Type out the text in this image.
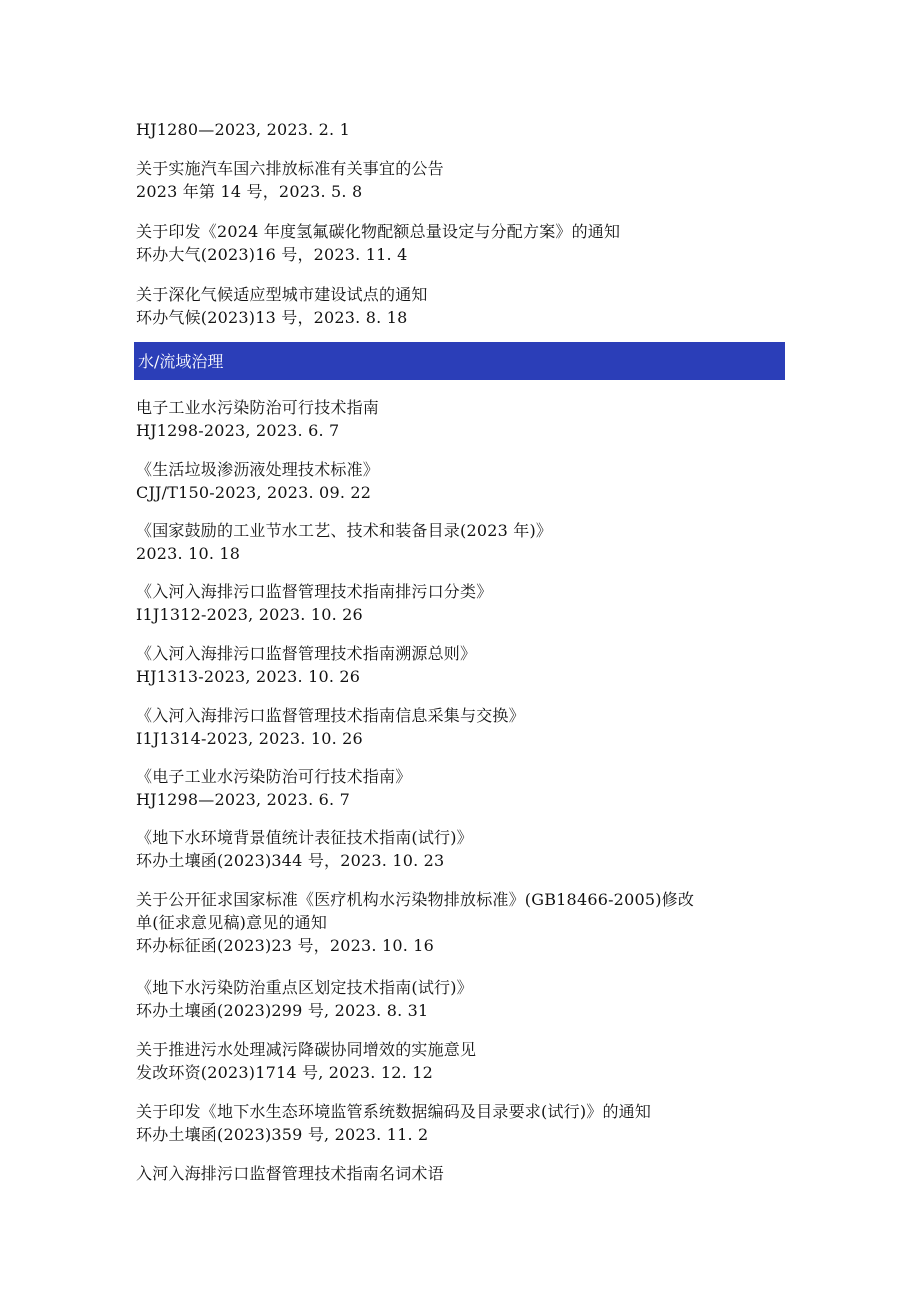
HJ1280—2023, 2023. 2. 1
关于实施汽车国六排放标准有关事宜的公告
2023 年第 14 号，2023. 5. 8
关于印发《2024 年度氢氟碳化物配额总量设定与分配方案》的通知
环办大气(2023)16 号，2023. 11. 4
关于深化气候适应型城市建设试点的通知
环办气候(2023)13 号，2023. 8. 18
水/流域治理
电子工业水污染防治可行技术指南
HJ1298-2023, 2023. 6. 7
《生活垃圾渗沥液处理技术标准》
CJJ/T150-2023, 2023. 09. 22
《国家鼓励的工业节水工艺、技术和装备目录(2023 年)》
2023. 10. 18
《入河入海排污口监督管理技术指南排污口分类》
I1J1312-2023, 2023. 10. 26
《入河入海排污口监督管理技术指南溯源总则》
HJ1313-2023, 2023. 10. 26
《入河入海排污口监督管理技术指南信息采集与交换》
I1J1314-2023, 2023. 10. 26
《电子工业水污染防治可行技术指南》
HJ1298—2023, 2023. 6. 7
《地下水环境背景值统计表征技术指南(试行)》
环办土壤函(2023)344 号，2023. 10. 23
关于公开征求国家标准《医疗机构水污染物排放标准》(GB18466-2005)修改
单(征求意见稿)意见的通知
环办标征函(2023)23 号，2023. 10. 16
《地下水污染防治重点区划定技术指南(试行)》
环办土壤函(2023)299 号, 2023. 8. 31
关于推进污水处理减污降碳协同增效的实施意见
发改环资(2023)1714 号, 2023. 12. 12
关于印发《地下水生态环境监管系统数据编码及目录要求(试行)》的通知
环办土壤函(2023)359 号, 2023. 11. 2
入河入海排污口监督管理技术指南名词术语
